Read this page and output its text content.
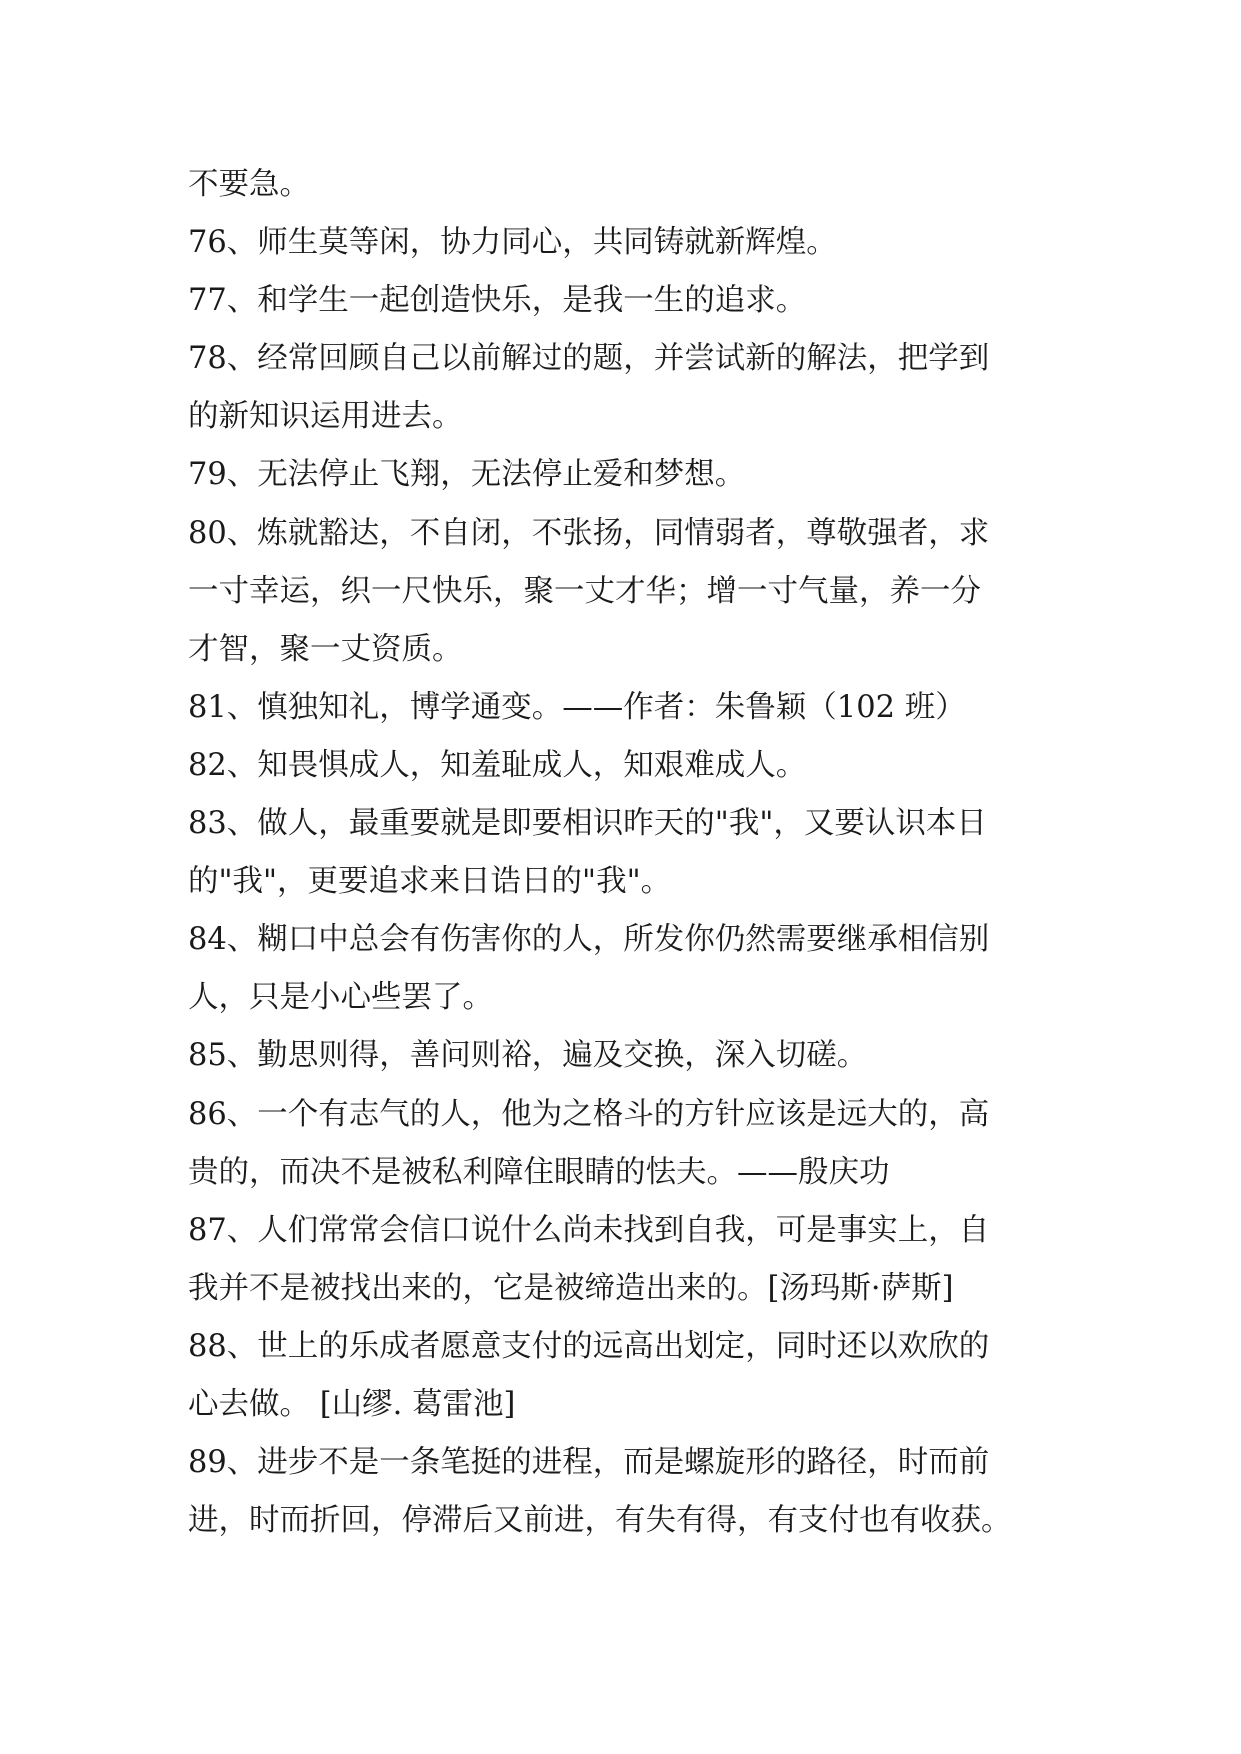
不要急。
76、师生莫等闲，协力同心，共同铸就新辉煌。
77、和学生一起创造快乐，是我一生的追求。
78、经常回顾自己以前解过的题，并尝试新的解法，把学到
的新知识运用进去。
79、无法停止飞翔，无法停止爱和梦想。
80、炼就豁达，不自闭，不张扬，同情弱者，尊敬强者，求
一寸幸运，织一尺快乐，聚一丈才华；增一寸气量，养一分
才智，聚一丈资质。
81、慎独知礼，博学通变。——作者：朱鲁颖（102 班）
82、知畏惧成人，知羞耻成人，知艰难成人。
83、做人，最重要就是即要相识昨天的"我"，又要认识本日
的"我"，更要追求来日诰日的"我"。
84、糊口中总会有伤害你的人，所发你仍然需要继承相信别
人，只是小心些罢了。
85、勤思则得，善问则裕，遍及交换，深入切磋。
86、一个有志气的人，他为之格斗的方针应该是远大的，高
贵的，而决不是被私利障住眼睛的怯夫。——殷庆功
87、人们常常会信口说什么尚未找到自我，可是事实上，自
我并不是被找出来的，它是被缔造出来的。[汤玛斯·萨斯]
88、世上的乐成者愿意支付的远高出划定，同时还以欢欣的
心去做。 [山缪. 葛雷池]
89、进步不是一条笔挺的进程，而是螺旋形的路径，时而前
进，时而折回，停滞后又前进，有失有得，有支付也有收获。
